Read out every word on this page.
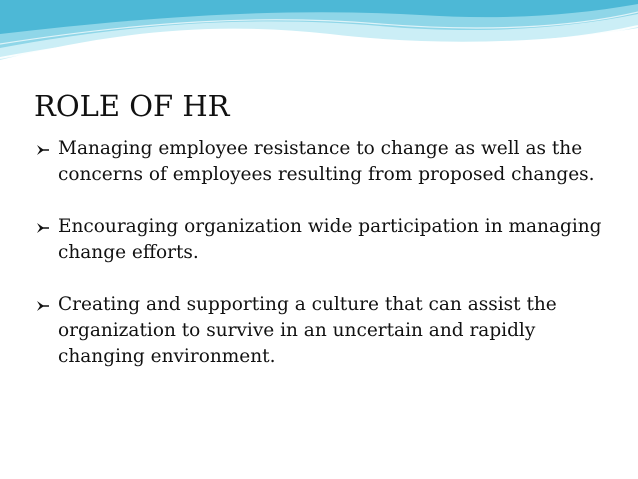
ROLE OF HR
Managing employee resistance to change as well as the concerns of employees resulting from proposed changes.
Encouraging organization wide participation in managing change efforts.
Creating and supporting a culture that can assist the organization to survive in an uncertain and rapidly changing environment.
